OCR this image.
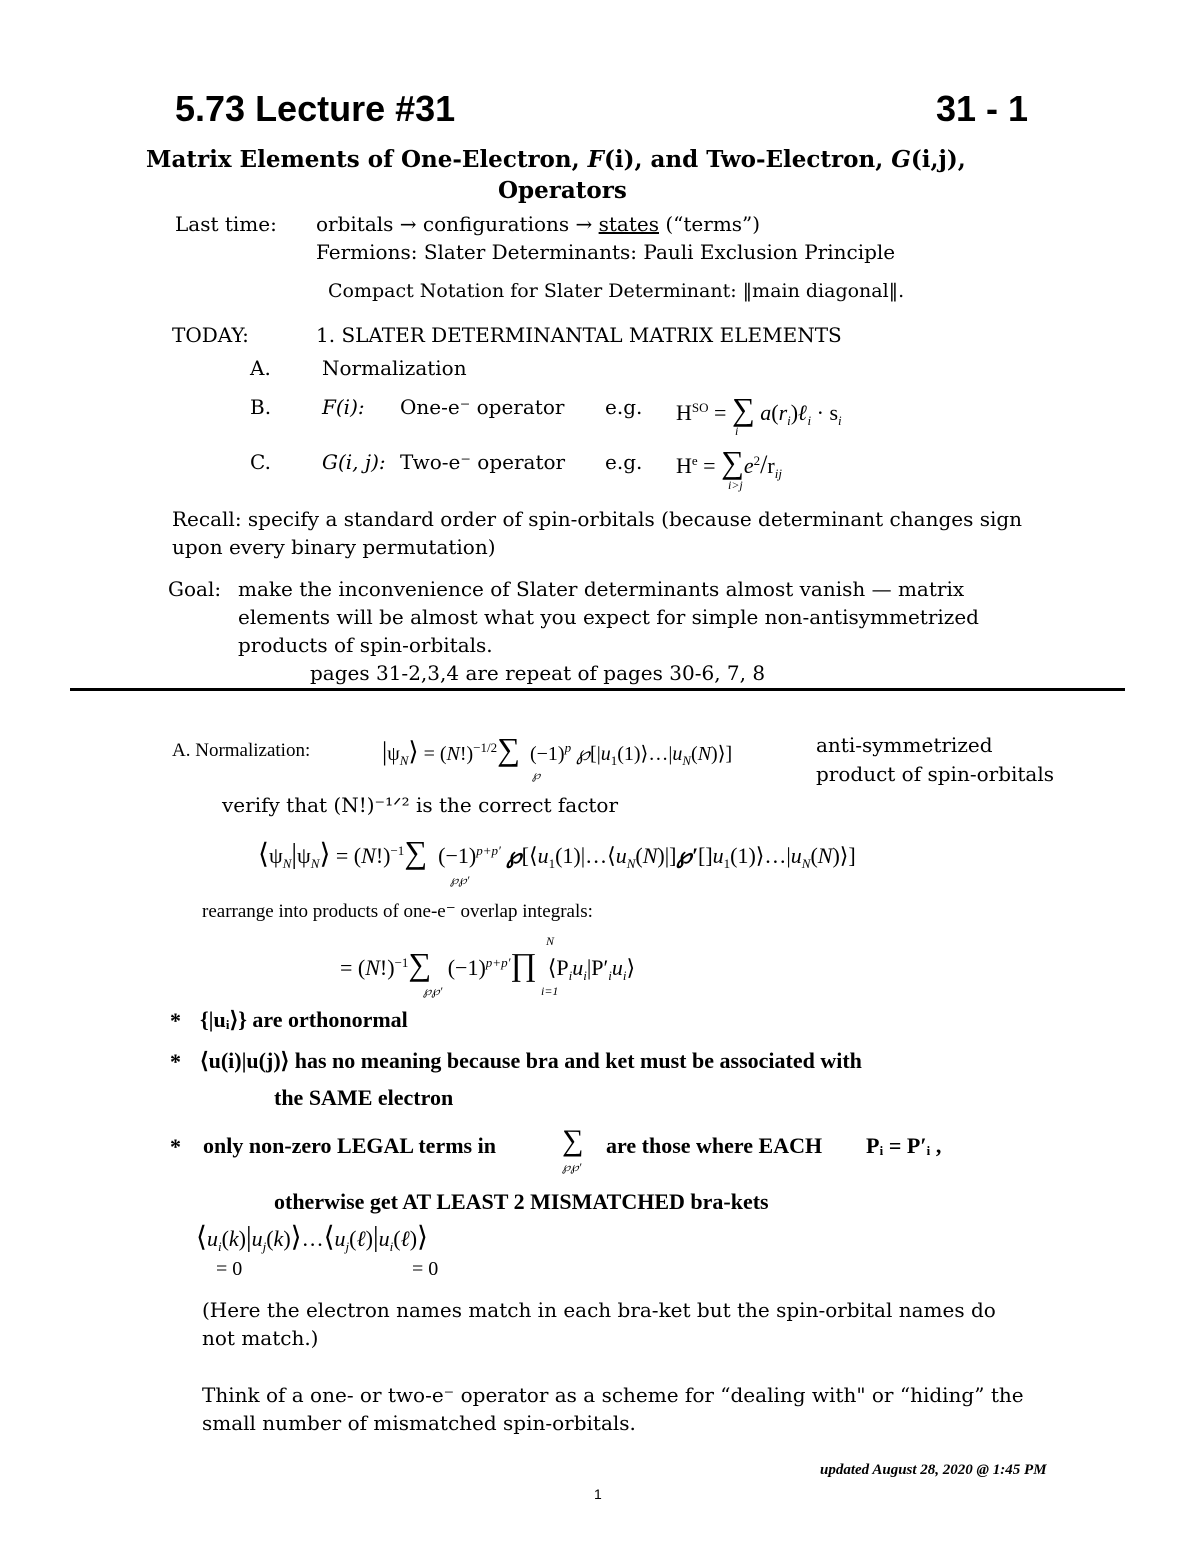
5.73 Lecture #31	31 - 1
Matrix Elements of One-Electron, F(i), and Two-Electron, G(i,j),
Operators
Last time: orbitals → configurations → states (“terms”)
Fermions: Slater Determinants: Pauli Exclusion Principle
Compact Notation for Slater Determinant: ‖main diagonal‖.
TODAY:	1. SLATER DETERMINANTAL MATRIX ELEMENTS
A.	Normalization
B.	F(i): One-e⁻ operator e.g. $H^{SO}$ = ∑ $a(r_i)\ell_i \cdot s_i$
i
C.	G(i, j): Two-e⁻ operator e.g. $H^e = \sum e^2/r_{ij}$
i>j
Recall: specify a standard order of spin-orbitals (because determinant changes sign
upon every binary permutation)
Goal: make the inconvenience of Slater determinants almost vanish — matrix
elements will be almost what you expect for simple non-antisymmetrized
products of spin-orbitals.
pages 31-2,3,4 are repeat of pages 30-6, 7, 8
A. Normalization:	$|\psi_N⟩ = (N!)^{-1/2}\sum$  $(-1)^p$ $℘[|u_1(1)⟩\dots|u_N(N)⟩]$
℘
anti-symmetrized
product of spin-orbitals
verify that (N!)⁻¹ᐟ² is the correct factor
$⟨\psi_N|\psi_N⟩ = (N!)^{-1}\sum$  $(-1)^{p+p'}$ $℘[⟨u_1(1)|\dots⟨u_N(N)|]℘'[]u_1(1)⟩\dots|u_N(N)⟩$]
℘℘′
rearrange into products of one-e⁻ overlap integrals:
= $(N!)^{-1}\sum$   $(-1)^{p+p'}\prod$  $⟨P_iu_i|P'_iu_i⟩$
N
i=1
℘℘′
* {|uᵢ⟩} are orthonormal
* ⟨u(i)|u(j)⟩ has no meaning because bra and ket must be associated with
the SAME electron
* only non-zero LEGAL terms in ∑
℘℘′
are those where EACH Pᵢ = P′ᵢ ,
otherwise get AT LEAST 2 MISMATCHED bra-kets
$⟨u_i(k)|u_j(k)⟩\dots⟨u_j(\ell)|u_i(\ell)⟩$
= 0	= 0
(Here the electron names match in each bra-ket but the spin-orbital names do
not match.)
Think of a one- or two-e⁻ operator as a scheme for “dealing with" or “hiding” the
small number of mismatched spin-orbitals.
updated August 28, 2020 @ 1:45 PM
1
